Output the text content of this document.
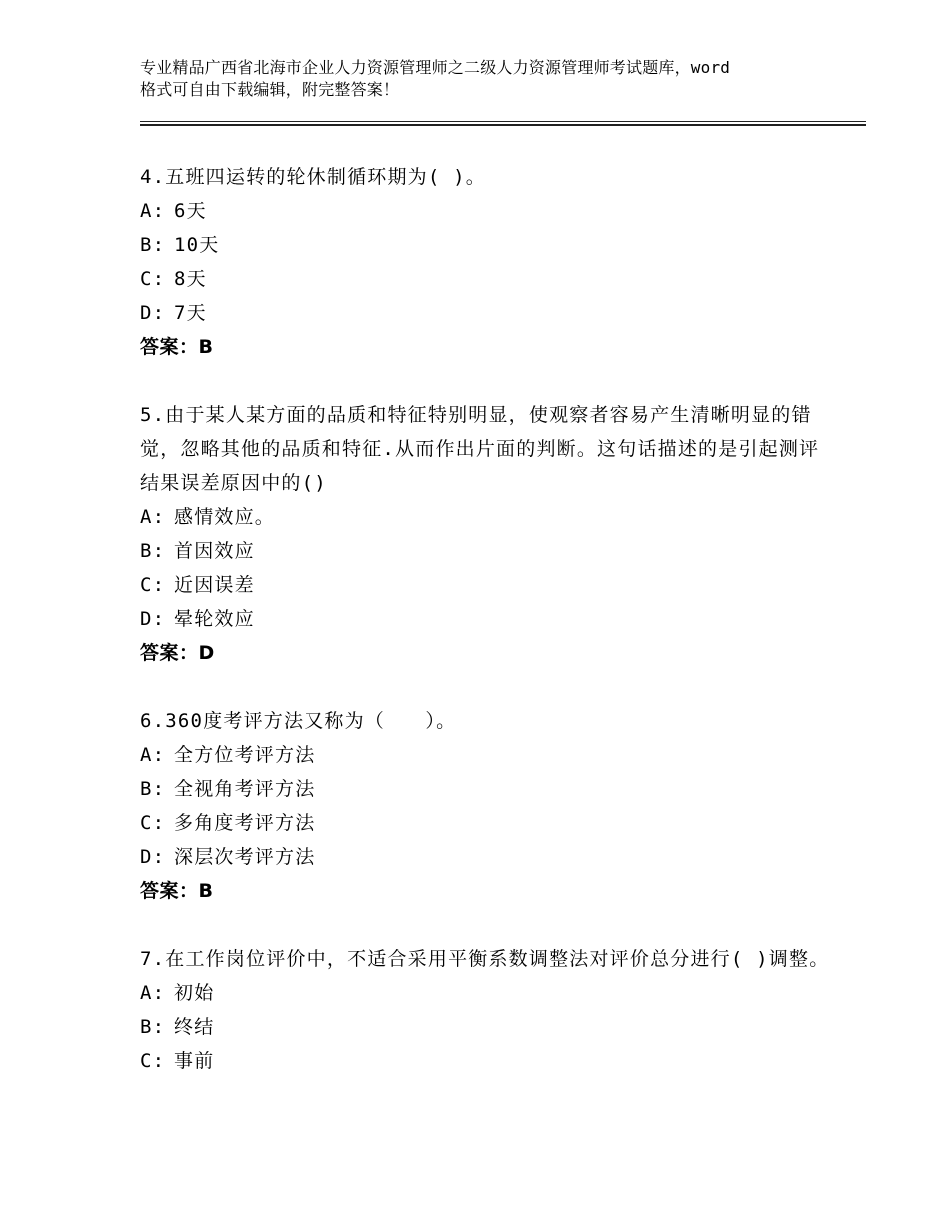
专业精品广西省北海市企业人力资源管理师之二级人力资源管理师考试题库，word
格式可自由下载编辑，附完整答案！
4.五班四运转的轮休制循环期为( )。
A: 6天
B: 10天
C: 8天
D: 7天
答案：B
5.由于某人某方面的品质和特征特别明显，使观察者容易产生清晰明显的错觉，忽略其他的品质和特征.从而作出片面的判断。这句话描述的是引起测评结果误差原因中的()
A: 感情效应。
B: 首因效应
C: 近因误差
D: 晕轮效应
答案：D
6.360度考评方法又称为（　　）。
A: 全方位考评方法
B: 全视角考评方法
C: 多角度考评方法
D: 深层次考评方法
答案：B
7.在工作岗位评价中，不适合采用平衡系数调整法对评价总分进行( )调整。
A: 初始
B: 终结
C: 事前
